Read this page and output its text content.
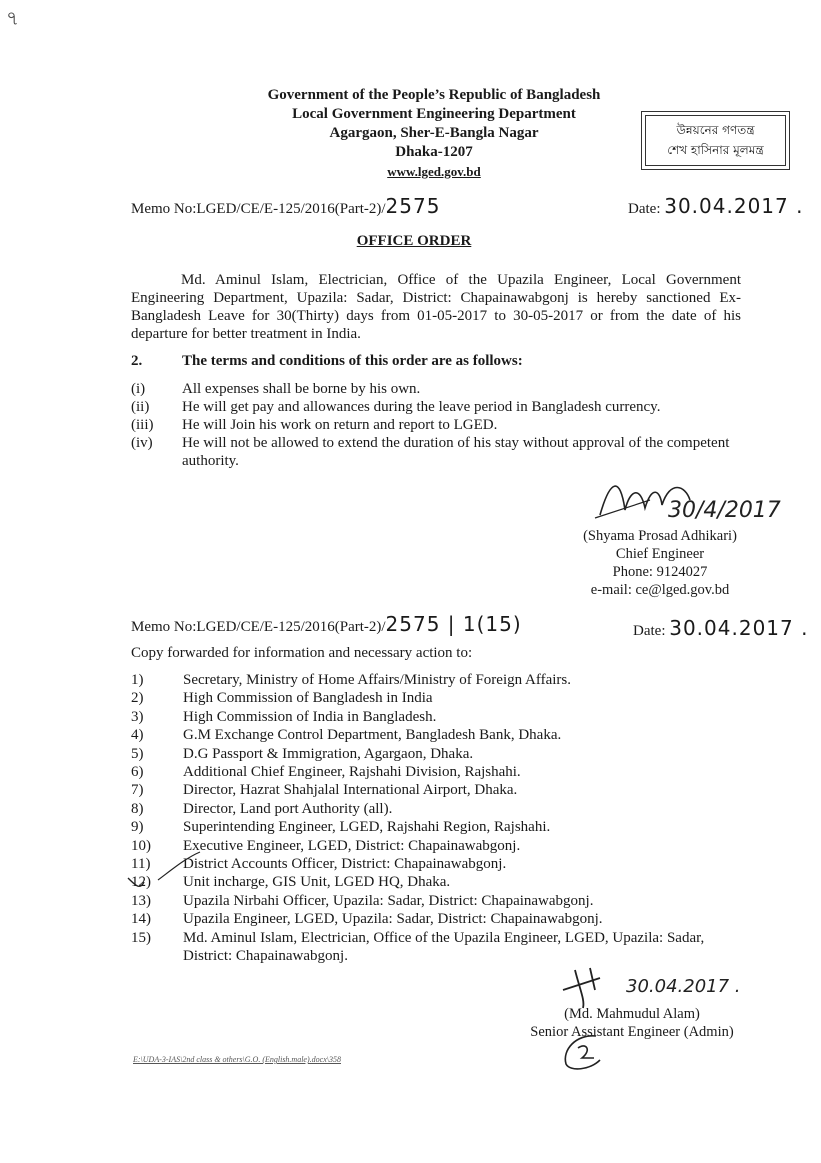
৭
Government of the People’s Republic of Bangladesh
Local Government Engineering Department
Agargaon, Sher-E-Bangla Nagar
Dhaka-1207
www.lged.gov.bd
উন্নয়নের গণতন্ত্র
শেখ হাসিনার মূলমন্ত্র
Memo No:LGED/CE/E-125/2016(Part-2)/2575	Date: 30.04.2017 .
OFFICE ORDER
Md. Aminul Islam, Electrician, Office of the Upazila Engineer, Local Government Engineering Department, Upazila: Sadar, District: Chapainawabgonj is hereby sanctioned Ex-Bangladesh Leave for 30(Thirty) days from 01-05-2017 to 30-05-2017 or from the date of his departure for better treatment in India.
2.	The terms and conditions of this order are as follows:
(i) All expenses shall be borne by his own.
(ii) He will get pay and allowances during the leave period in Bangladesh currency.
(iii) He will Join his work on return and report to LGED.
(iv) He will not be allowed to extend the duration of his stay without approval of the competent authority.
30/4/2017
(Shyama Prosad Adhikari)
Chief Engineer
Phone: 9124027
e-mail: ce@lged.gov.bd
Memo No:LGED/CE/E-125/2016(Part-2)/2575 | 1(15)	Date: 30.04.2017 .
Copy forwarded for information and necessary action to:
1)	Secretary, Ministry of Home Affairs/Ministry of Foreign Affairs.
2)	High Commission of Bangladesh in India
3)	High Commission of India in Bangladesh.
4)	G.M Exchange Control Department, Bangladesh Bank, Dhaka.
5)	D.G Passport & Immigration, Agargaon, Dhaka.
6)	Additional Chief Engineer, Rajshahi Division, Rajshahi.
7)	Director, Hazrat Shahjalal International Airport, Dhaka.
8)	Director, Land port Authority (all).
9)	Superintending Engineer, LGED, Rajshahi Region, Rajshahi.
10) Executive Engineer, LGED, District: Chapainawabgonj.
11) District Accounts Officer, District: Chapainawabgonj.
12) Unit incharge, GIS Unit, LGED HQ, Dhaka.
13) Upazila Nirbahi Officer, Upazila: Sadar, District: Chapainawabgonj.
14) Upazila Engineer, LGED, Upazila: Sadar, District: Chapainawabgonj.
15) Md. Aminul Islam, Electrician, Office of the Upazila Engineer, LGED, Upazila: Sadar, District: Chapainawabgonj.
30.04.2017 .
(Md. Mahmudul Alam)
Senior Assistant Engineer (Admin)
E:\UDA-3-IAS\2nd class & others\G.O. (English.male).docx\358
